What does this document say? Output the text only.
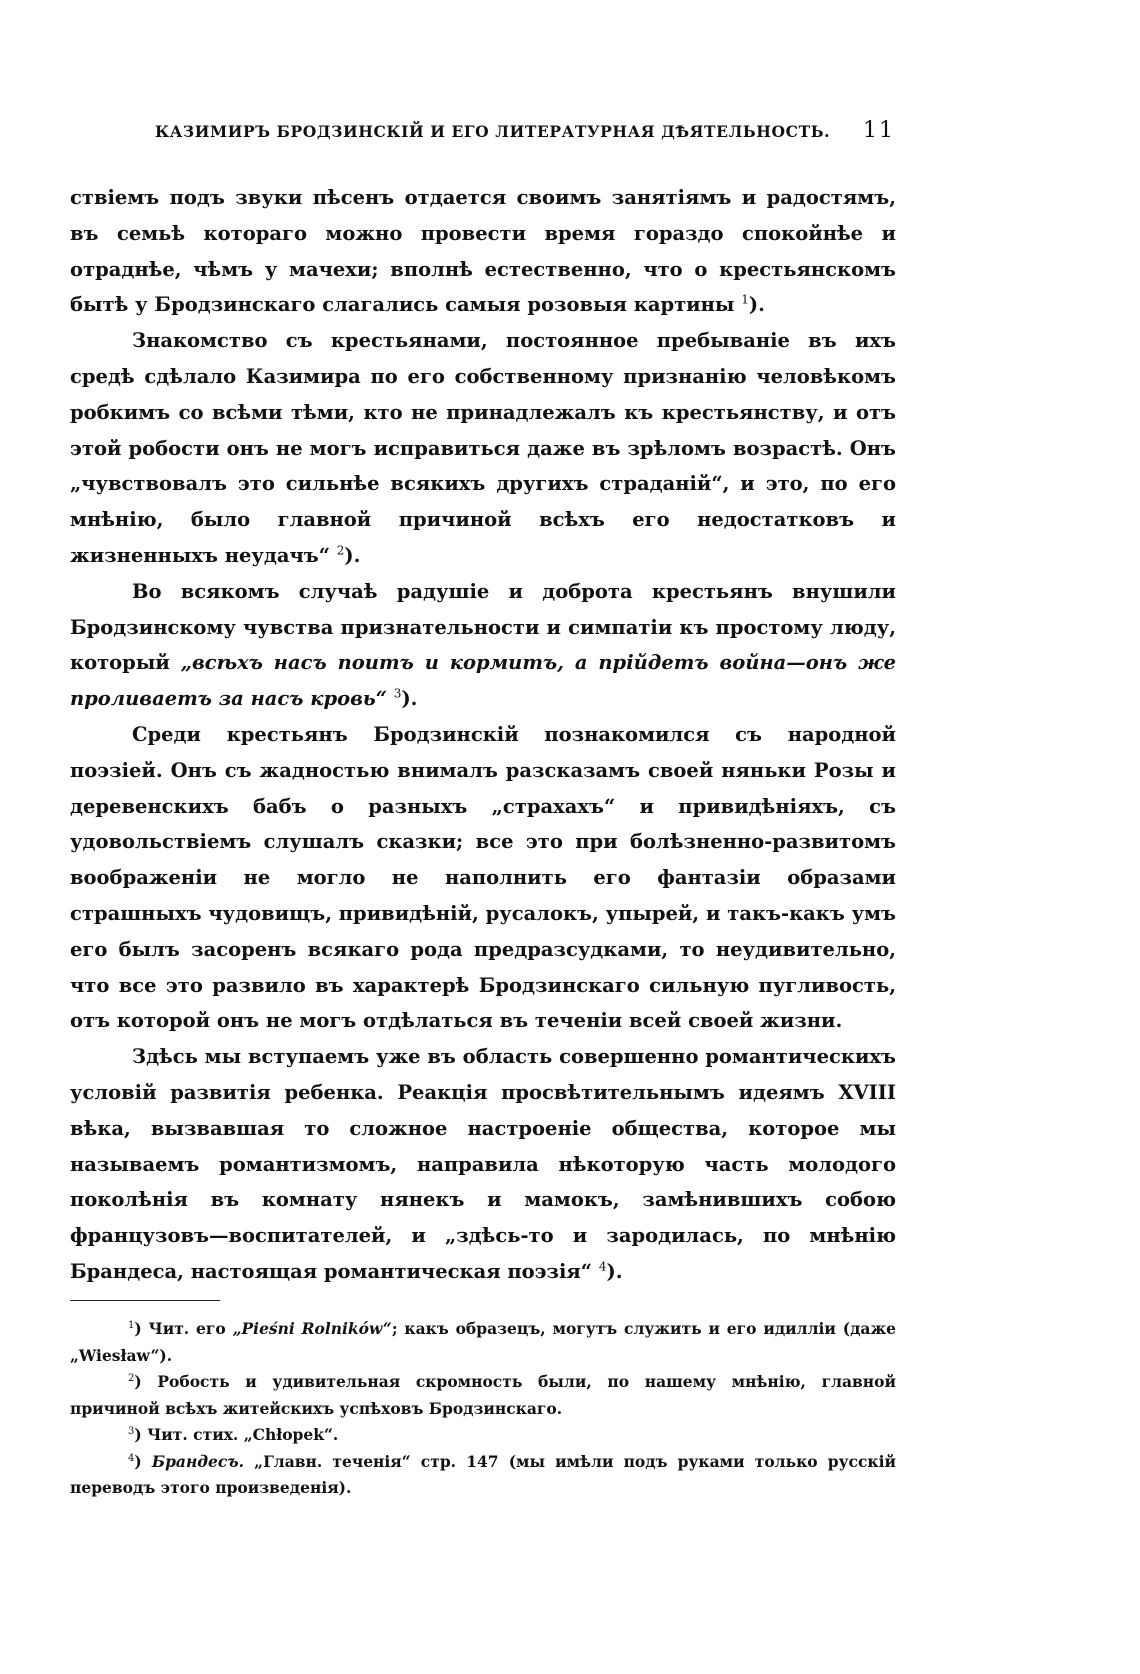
КАЗИМИРЪ БРОДЗИНСКІЙ И ЕГО ЛИТЕРАТУРНАЯ ДѢЯТЕЛЬНОСТЬ. 11

ствіемъ подъ звуки пѣсенъ отдается своимъ занятіямъ и радостямъ, въ семьѣ котораго можно провести время гораздо спокойнѣе и отраднѣе, чѣмъ у мачехи; вполнѣ естественно, что о крестьянскомъ бытѣ у Бродзинскаго слагались самыя розовыя картины $^1$).

Знакомство съ крестьянами, постоянное пребываніе въ ихъ средѣ сдѣлало Казимира по его собственному признанію человѣкомъ робкимъ со всѣми тѣми, кто не принадлежалъ къ крестьянству, и отъ этой робости онъ не могъ исправиться даже въ зрѣломъ возрастѣ. Онъ „чувствовалъ это сильнѣе всякихъ другихъ страданій“, и это, по его мнѣнію, было главной причиной всѣхъ его недостатковъ и жизненныхъ неудачъ“ $^2$).

Во всякомъ случаѣ радушіе и доброта крестьянъ внушили Бродзинскому чувства признательности и симпатіи къ простому люду, который „всѣхъ насъ поитъ и кормитъ, а прійдетъ война—онъ же проливаетъ за насъ кровь“ $^3$).

Среди крестьянъ Бродзинскій познакомился съ народной поэзіей. Онъ съ жадностью внималъ разсказамъ своей няньки Розы и деревенскихъ бабъ о разныхъ „страхахъ“ и привидѣніяхъ, съ удовольствіемъ слушалъ сказки; все это при болѣзненно-развитомъ воображеніи не могло не наполнить его фантазіи образами страшныхъ чудовищъ, привидѣній, русалокъ, упырей, и такъ-какъ умъ его былъ засоренъ всякаго рода предразсудками, то неудивительно, что все это развило въ характерѣ Бродзинскаго сильную пугливость, отъ которой онъ не могъ отдѣлаться въ теченіи всей своей жизни.

Здѣсь мы вступаемъ уже въ область совершенно романтическихъ условій развитія ребенка. Реакція просвѣтительнымъ идеямъ XVIII вѣка, вызвавшая то сложное настроеніе общества, которое мы называемъ романтизмомъ, направила нѣкоторую часть молодого поколѣнія въ комнату нянекъ и мамокъ, замѣнившихъ собою французовъ—воспитателей, и „здѣсь-то и зародилась, по мнѣнію Брандеса, настоящая романтическая поэзія“ $^4$).

$^1$) Чит. его „Pieśni Rolników“; какъ образецъ, могутъ служить и его идилліи (даже „Wiesław“).

$^2$) Робость и удивительная скромность были, по нашему мнѣнію, главной причиной всѣхъ житейскихъ успѣховъ Бродзинскаго.

$^3$) Чит. стих. „Chłopek“.

$^4$) Брандесъ. „Главн. теченія“ стр. 147 (мы имѣли подъ руками только русскій переводъ этого произведенія).
